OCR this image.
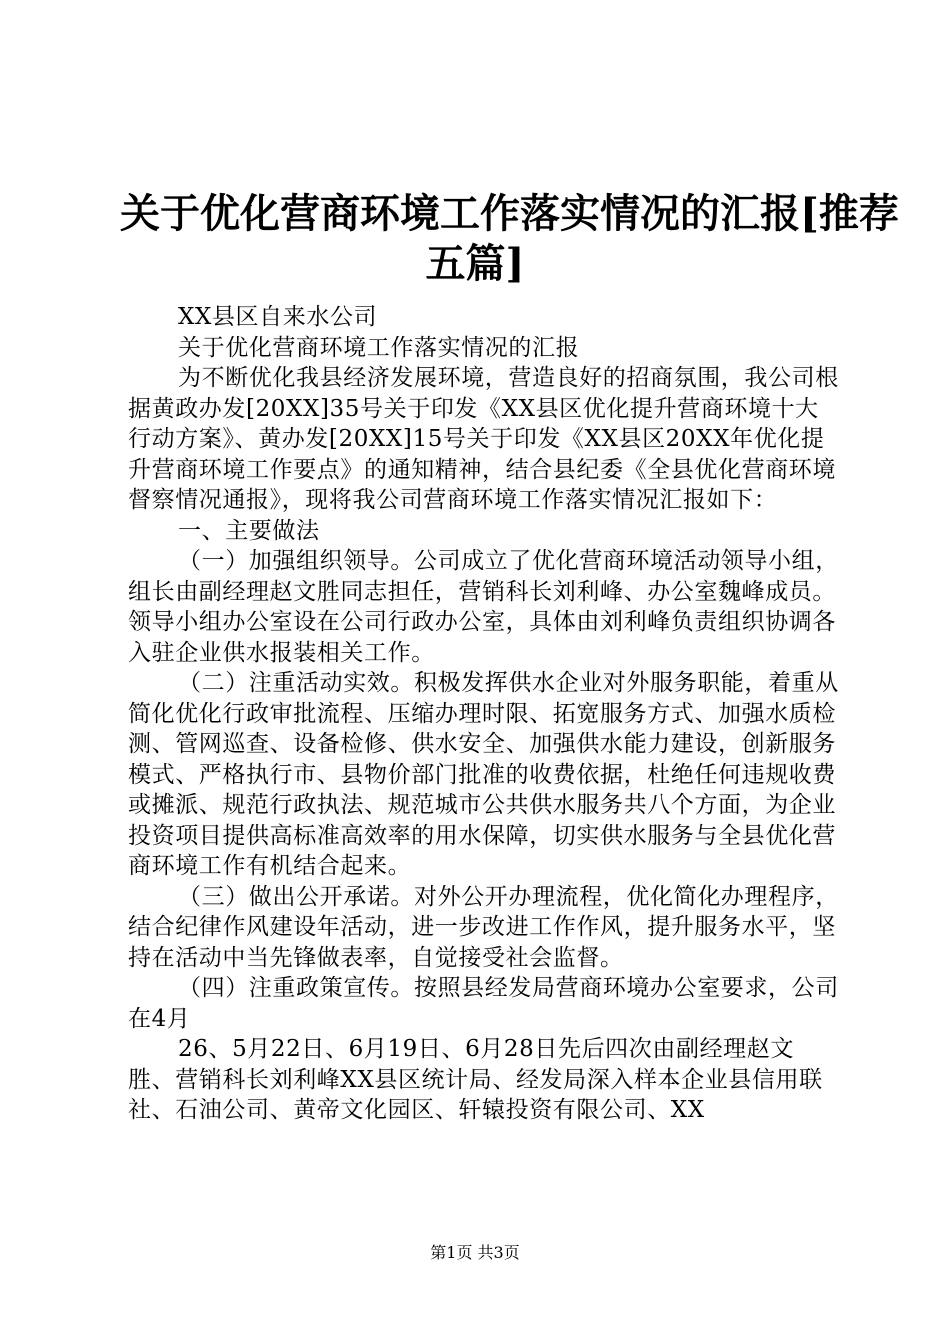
关于优化营商环境工作落实情况的汇报[推荐
五篇]

XX县区自来水公司

关于优化营商环境工作落实情况的汇报

为不断优化我县经济发展环境，营造良好的招商氛围，我公司根据黄政办发[20XX]35号关于印发《XX县区优化提升营商环境十大行动方案》、黄办发[20XX]15号关于印发《XX县区20XX年优化提升营商环境工作要点》的通知精神，结合县纪委《全县优化营商环境督察情况通报》，现将我公司营商环境工作落实情况汇报如下：

一、主要做法

（一）加强组织领导。公司成立了优化营商环境活动领导小组，组长由副经理赵文胜同志担任，营销科长刘利峰、办公室魏峰成员。领导小组办公室设在公司行政办公室，具体由刘利峰负责组织协调各入驻企业供水报装相关工作。

（二）注重活动实效。积极发挥供水企业对外服务职能，着重从简化优化行政审批流程、压缩办理时限、拓宽服务方式、加强水质检测、管网巡查、设备检修、供水安全、加强供水能力建设，创新服务模式、严格执行市、县物价部门批准的收费依据，杜绝任何违规收费或摊派、规范行政执法、规范城市公共供水服务共八个方面，为企业投资项目提供高标准高效率的用水保障，切实供水服务与全县优化营商环境工作有机结合起来。

（三）做出公开承诺。对外公开办理流程，优化简化办理程序，结合纪律作风建设年活动，进一步改进工作作风，提升服务水平，坚持在活动中当先锋做表率，自觉接受社会监督。

（四）注重政策宣传。按照县经发局营商环境办公室要求，公司在4月

26、5月22日、6月19日、6月28日先后四次由副经理赵文胜、营销科长刘利峰XX县区统计局、经发局深入样本企业县信用联社、石油公司、黄帝文化园区、轩辕投资有限公司、XX

第1页 共3页
